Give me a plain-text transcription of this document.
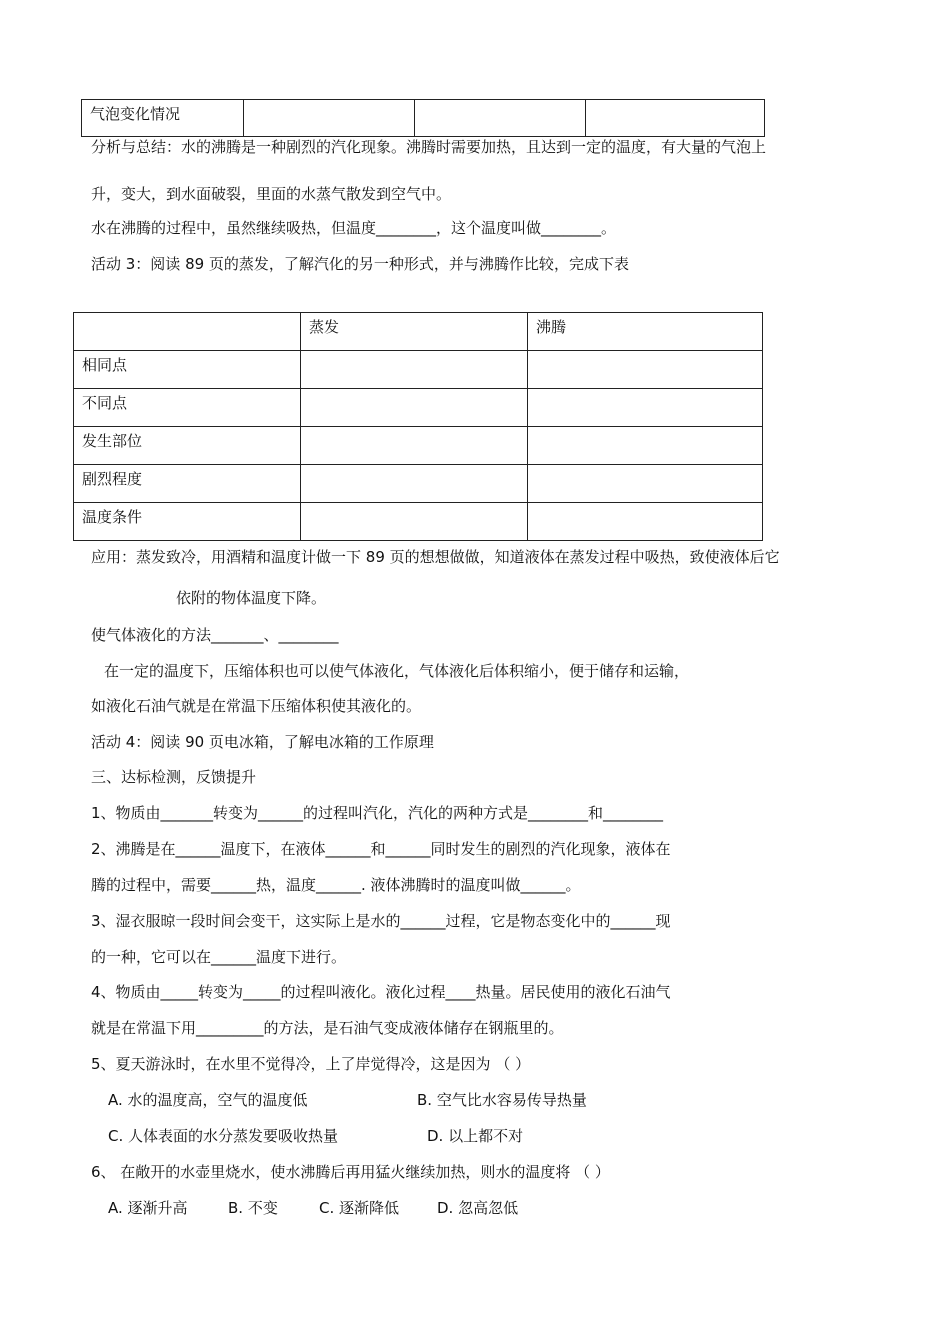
气泡变化情况			
分析与总结：水的沸腾是一种剧烈的汽化现象。沸腾时需要加热，且达到一定的温度，有大量的气泡上
升，变大，到水面破裂，里面的水蒸气散发到空气中。
水在沸腾的过程中，虽然继续吸热，但温度________，这个温度叫做________。
活动 3：阅读 89 页的蒸发，了解汽化的另一种形式，并与沸腾作比较，完成下表
	蒸发	沸腾
相同点		
不同点		
发生部位		
剧烈程度		
温度条件		
应用：蒸发致冷，用酒精和温度计做一下 89 页的想想做做，知道液体在蒸发过程中吸热，致使液体后它
依附的物体温度下降。
使气体液化的方法_______、________
在一定的温度下，压缩体积也可以使气体液化，气体液化后体积缩小，便于储存和运输，
如液化石油气就是在常温下压缩体积使其液化的。
活动 4：阅读 90 页电冰箱，了解电冰箱的工作原理
三、达标检测，反馈提升
1、物质由_______转变为______的过程叫汽化，汽化的两种方式是________和________
2、沸腾是在______温度下，在液体______和______同时发生的剧烈的汽化现象，液体在
腾的过程中，需要______热，温度______. 液体沸腾时的温度叫做______。
3、湿衣服晾一段时间会变干，这实际上是水的______过程，它是物态变化中的______现
的一种，它可以在______温度下进行。
4、物质由_____转变为_____的过程叫液化。液化过程____热量。居民使用的液化石油气
就是在常温下用_________的方法，是石油气变成液体储存在钢瓶里的。
5、夏天游泳时，在水里不觉得冷，上了岸觉得冷，这是因为 （ ）
A. 水的温度高，空气的温度低	B. 空气比水容易传导热量
C. 人体表面的水分蒸发要吸收热量	D. 以上都不对
6、 在敞开的水壶里烧水，使水沸腾后再用猛火继续加热，则水的温度将 （ ）
A. 逐渐升高	B. 不变	C. 逐渐降低	D. 忽高忽低
